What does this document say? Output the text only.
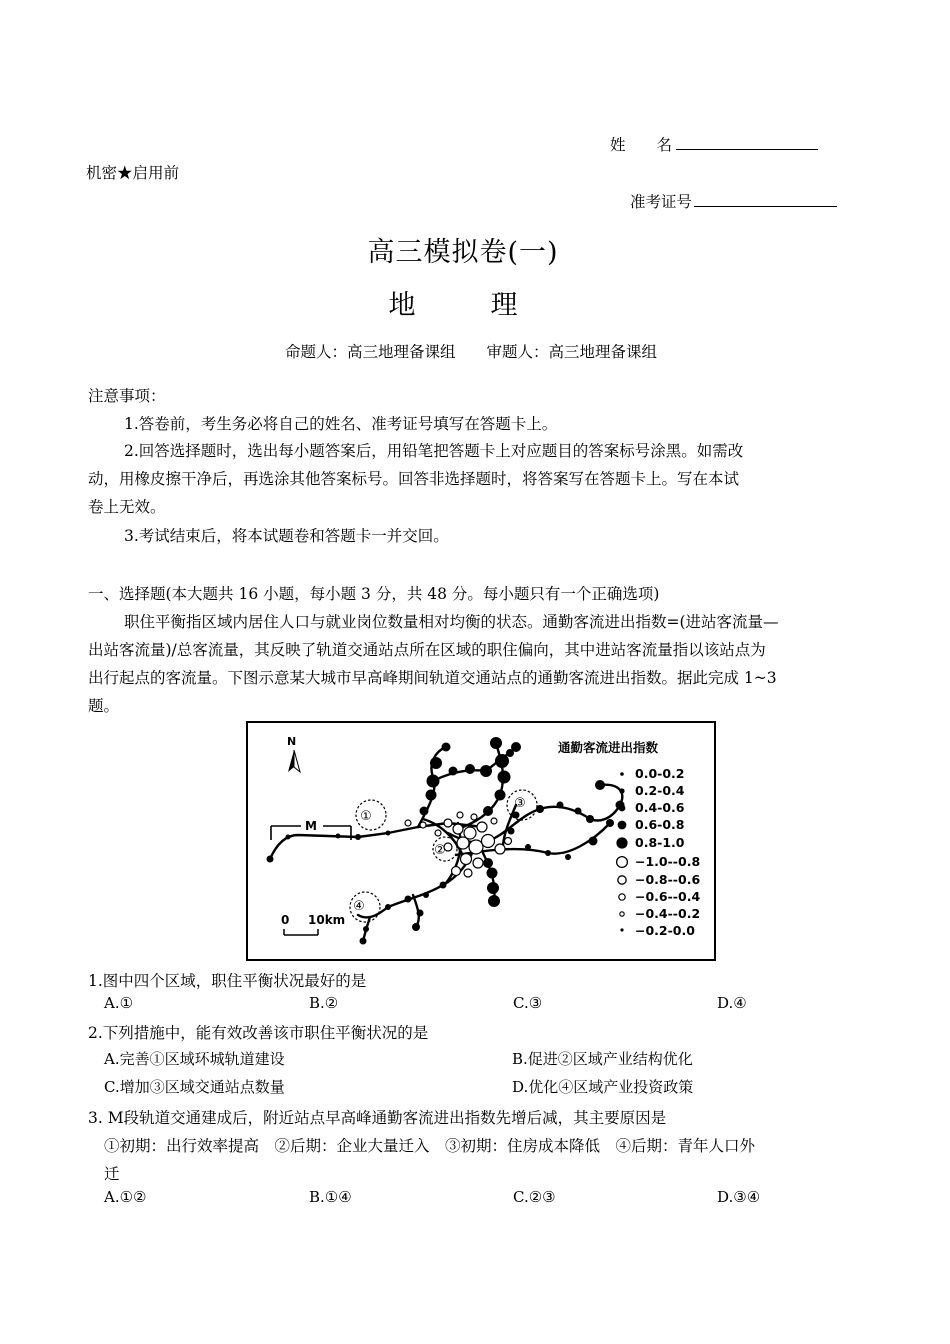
姓　　名
机密★启用前
准考证号
高三模拟卷(一)
地　理
命题人：高三地理备课组　　审题人：高三地理备课组
注意事项：
1.答卷前，考生务必将自己的姓名、准考证号填写在答题卡上。
2.回答选择题时，选出每小题答案后，用铅笔把答题卡上对应题目的答案标号涂黑。如需改
动，用橡皮擦干净后，再选涂其他答案标号。回答非选择题时，将答案写在答题卡上。写在本试
卷上无效。
3.考试结束后，将本试题卷和答题卡一并交回。
一、选择题(本大题共 16 小题，每小题 3 分，共 48 分。每小题只有一个正确选项)
职住平衡指区域内居住人口与就业岗位数量相对均衡的状态。通勤客流进出指数=(进站客流量—
出站客流量)/总客流量，其反映了轨道交通站点所在区域的职住偏向，其中进站客流量指以该站点为
出行起点的客流量。下图示意某大城市早高峰期间轨道交通站点的通勤客流进出指数。据此完成 1~3
题。
N
M
①
②
③
④
0 10km
通勤客流进出指数
0.0-0.2
0.2-0.4
0.4-0.6
0.6-0.8
0.8-1.0
−1.0--0.8
−0.8--0.6
−0.6--0.4
−0.4--0.2
−0.2-0.0
1.图中四个区域，职住平衡状况最好的是
A.①	B.②	C.③	D.④
2.下列措施中，能有效改善该市职住平衡状况的是
A.完善①区域环城轨道建设	B.促进②区域产业结构优化
C.增加③区域交通站点数量	D.优化④区域产业投资政策
3. M段轨道交通建成后，附近站点早高峰通勤客流进出指数先增后减，其主要原因是
①初期：出行效率提高　②后期：企业大量迁入　③初期：住房成本降低　④后期：青年人口外
迁
A.①②	B.①④	C.②③	D.③④
